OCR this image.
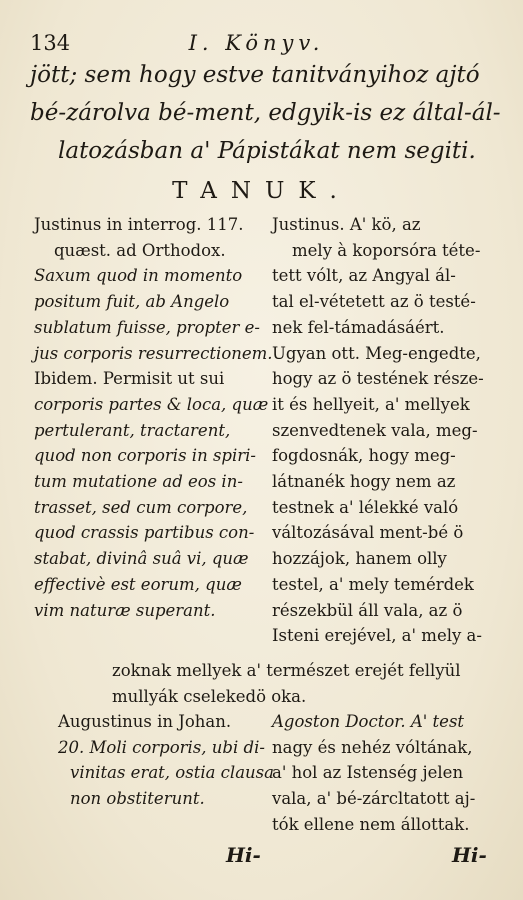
134	I. Könyv.
jött; sem hogy estve tanitványihoz ajtó
bé-zárolva bé-ment, edgyik-is ez által-ál-
latozásban a' Pápistákat nem segiti.
TANUK.
Justinus in interrog. 117.
quæst. ad Orthodox.
Saxum quod in momento
positum fuit, ab Angelo
sublatum fuisse, propter e-
jus corporis resurrectionem.
Ibidem. Permisit ut sui
corporis partes & loca, quæ
pertulerant, tractarent,
quod non corporis in spiri-
tum mutatione ad eos in-
trasset, sed cum corpore,
quod crassis partibus con-
stabat, divinâ suâ vi, quæ
effectivè est eorum, quæ
vim naturæ superant.
Justinus. A' kö, az
mely à koporsóra téte-
tett vólt, az Angyal ál-
tal el-vétetett az ö testé-
nek fel-támadásáért.
Ugyan ott. Meg-engedte,
hogy az ö testének része-
it és hellyeit, a' mellyek
szenvedtenek vala, meg-
fogdosnák, hogy meg-
látnanék hogy nem az
testnek a' lélekké való
változásával ment-bé ö
hozzájok, hanem olly
testel, a' mely temérdek
részekbül áll vala, az ö
Isteni erejével, a' mely a-
zoknak mellyek a' természet erejét fellyül
mullyák cselekedö oka.
Augustinus in Johan.
20. Moli corporis, ubi di-
vinitas erat, ostia clausa
non obstiterunt.
Agoston Doctor. A' test
nagy és nehéz vóltának,
a' hol az Istenség jelen
vala, a' bé-zárcltatott aj-
tók ellene nem állottak.
Hi-	Hi-
